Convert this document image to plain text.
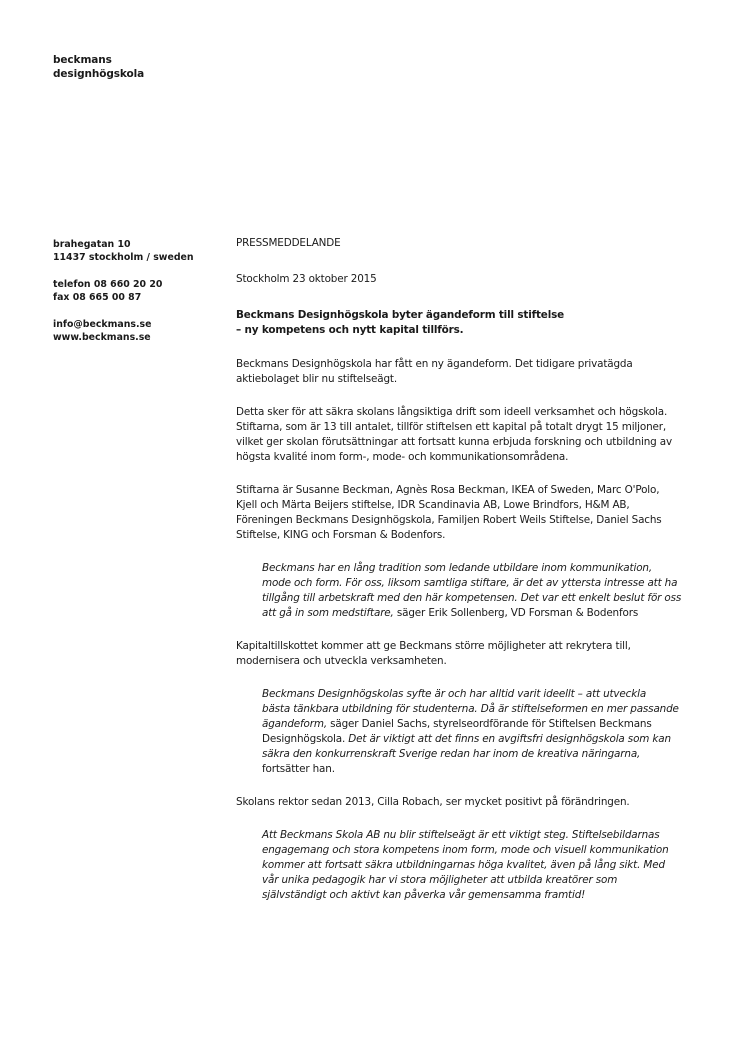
beckmans
designhögskola
brahegatan 10
11437 stockholm / sweden
telefon 08 660 20 20
fax 08 665 00 87
info@beckmans.se
www.beckmans.se
PRESSMEDDELANDE
Stockholm 23 oktober 2015
Beckmans Designhögskola byter ägandeform till stiftelse
– ny kompetens och nytt kapital tillförs.
Beckmans Designhögskola har fått en ny ägandeform. Det tidigare privatägda
aktiebolaget blir nu stiftelseägt.
Detta sker för att säkra skolans långsiktiga drift som ideell verksamhet och högskola.
Stiftarna, som är 13 till antalet, tillför stiftelsen ett kapital på totalt drygt 15 miljoner,
vilket ger skolan förutsättningar att fortsatt kunna erbjuda forskning och utbildning av
högsta kvalité inom form-, mode- och kommunikationsområdena.
Stiftarna är Susanne Beckman, Agnès Rosa Beckman, IKEA of Sweden, Marc O'Polo,
Kjell och Märta Beijers stiftelse, IDR Scandinavia AB, Lowe Brindfors, H&M AB,
Föreningen Beckmans Designhögskola, Familjen Robert Weils Stiftelse, Daniel Sachs
Stiftelse, KING och Forsman & Bodenfors.
Beckmans har en lång tradition som ledande utbildare inom kommunikation,
mode och form. För oss, liksom samtliga stiftare, är det av yttersta intresse att ha
tillgång till arbetskraft med den här kompetensen. Det var ett enkelt beslut för oss
att gå in som medstiftare, säger Erik Sollenberg, VD Forsman & Bodenfors
Kapitaltillskottet kommer att ge Beckmans större möjligheter att rekrytera till,
modernisera och utveckla verksamheten.
Beckmans Designhögskolas syfte är och har alltid varit ideellt – att utveckla
bästa tänkbara utbildning för studenterna. Då är stiftelseformen en mer passande
ägandeform, säger Daniel Sachs, styrelseordförande för Stiftelsen Beckmans
Designhögskola. Det är viktigt att det finns en avgiftsfri designhögskola som kan
säkra den konkurrenskraft Sverige redan har inom de kreativa näringarna,
fortsätter han.
Skolans rektor sedan 2013, Cilla Robach, ser mycket positivt på förändringen.
Att Beckmans Skola AB nu blir stiftelseägt är ett viktigt steg. Stiftelsebildarnas
engagemang och stora kompetens inom form, mode och visuell kommunikation
kommer att fortsatt säkra utbildningarnas höga kvalitet, även på lång sikt. Med
vår unika pedagogik har vi stora möjligheter att utbilda kreatörer som
självständigt och aktivt kan påverka vår gemensamma framtid!
